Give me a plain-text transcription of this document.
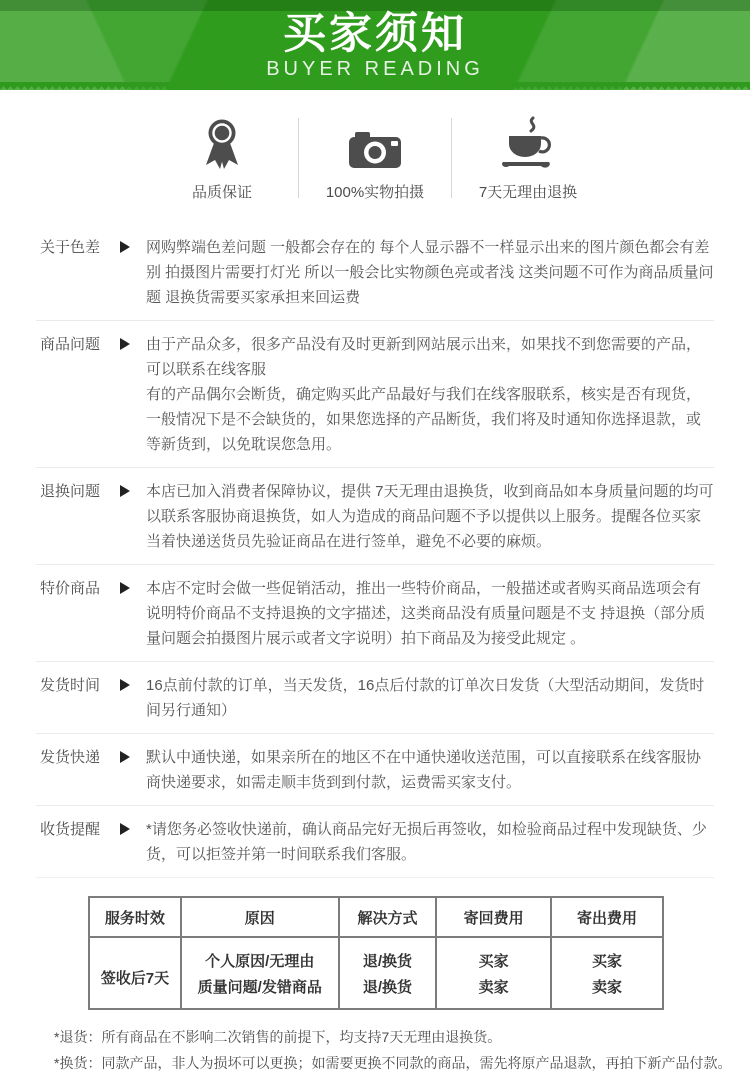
买家须知
BUYER READING
品质保证	100%实物拍摄	7天无理由退换
关于色差	网购弊端色差问题 一般都会存在的 每个人显示器不一样显示出来的图片颜色都会有差别 拍摄图片需要打灯光 所以一般会比实物颜色亮或者浅 这类问题不可作为商品质量问题 退换货需要买家承担来回运费

商品问题	由于产品众多，很多产品没有及时更新到网站展示出来，如果找不到您需要的产品，可以联系在线客服

有的产品偶尔会断货，确定购买此产品最好与我们在线客服联系，核实是否有现货，一般情况下是不会缺货的，如果您选择的产品断货，我们将及时通知你选择退款，或等新货到，以免耽误您急用。

退换问题	本店已加入消费者保障协议，提供 7天无理由退换货，收到商品如本身质量问题的均可以联系客服协商退换货，如人为造成的商品问题不予以提供以上服务。提醒各位买家当着快递送货员先验证商品在进行签单，避免不必要的麻烦。

特价商品	本店不定时会做一些促销活动，推出一些特价商品，一般描述或者购买商品选项会有说明特价商品不支持退换的文字描述，这类商品没有质量问题是不支 持退换（部分质量问题会拍摄图片展示或者文字说明）拍下商品及为接受此规定 。

发货时间	16点前付款的订单，当天发货，16点后付款的订单次日发货（大型活动期间，发货时间另行通知）

发货快递	默认中通快递，如果亲所在的地区不在中通快递收送范围，可以直接联系在线客服协商快递要求，如需走顺丰货到到付款，运费需买家支付。

收货提醒	*请您务必签收快递前，确认商品完好无损后再签收，如检验商品过程中发现缺货、少货，可以拒签并第一时间联系我们客服。

服务时效	原因	解决方式	寄回费用	寄出费用
签收后7天	个人原因/无理由	退/换货	买家	买家
	质量问题/发错商品	退/换货	卖家	卖家
*退货：所有商品在不影响二次销售的前提下，均支持7天无理由退换货。
*换货：同款产品，非人为损坏可以更换；如需要更换不同款的商品，需先将原产品退款，再拍下新产品付款。
